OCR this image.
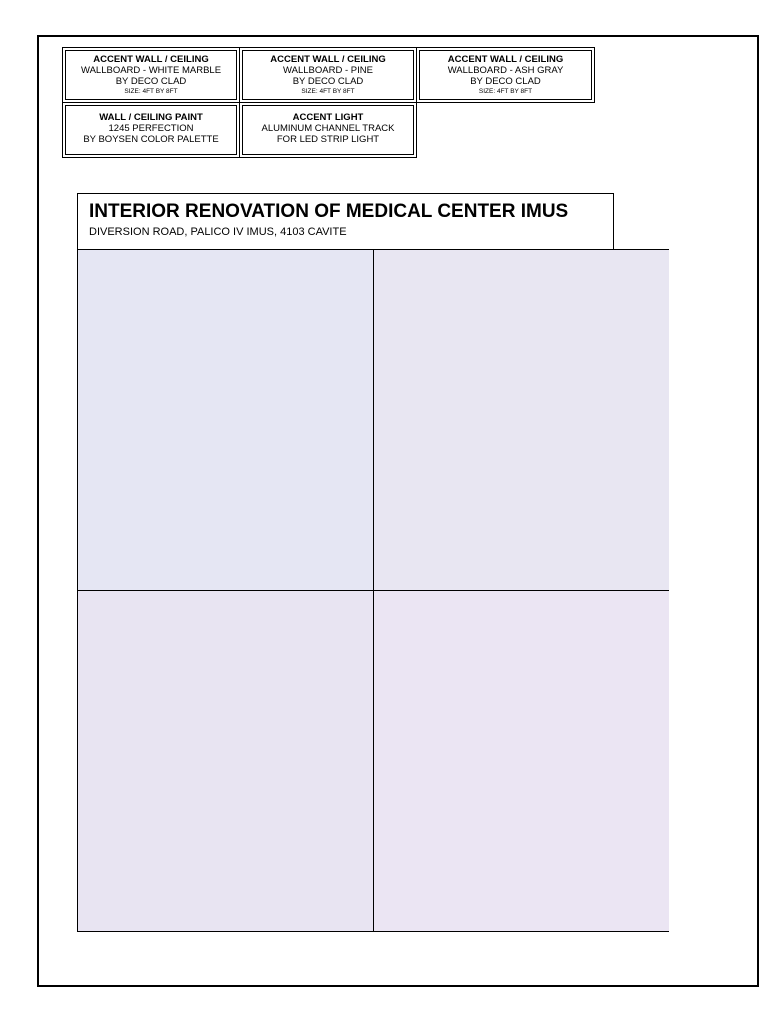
ACCENT WALL / CEILING
WALLBOARD - WHITE MARBLE
BY DECO CLAD
SIZE: 4FT BY 8FT
ACCENT WALL / CEILING
WALLBOARD - PINE
BY DECO CLAD
SIZE: 4FT BY 8FT
ACCENT WALL / CEILING
WALLBOARD - ASH GRAY
BY DECO CLAD
SIZE: 4FT BY 8FT
WALL / CEILING PAINT
1245 PERFECTION
BY BOYSEN COLOR PALETTE
ACCENT LIGHT
ALUMINUM CHANNEL TRACK
FOR LED STRIP LIGHT
INTERIOR RENOVATION OF MEDICAL CENTER IMUS
DIVERSION ROAD, PALICO IV IMUS, 4103 CAVITE
